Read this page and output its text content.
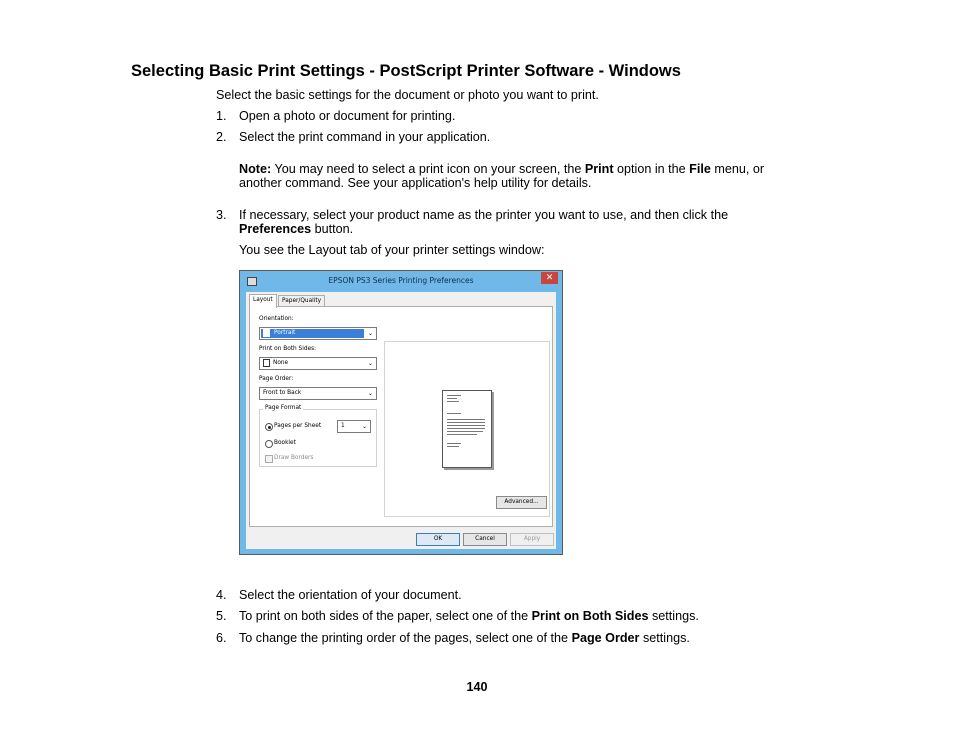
Selecting Basic Print Settings - PostScript Printer Software - Windows
Select the basic settings for the document or photo you want to print.
1. Open a photo or document for printing.
2. Select the print command in your application.
Note: You may need to select a print icon on your screen, the Print option in the File menu, or
another command. See your application's help utility for details.
3. If necessary, select your product name as the printer you want to use, and then click the
Preferences button.
You see the Layout tab of your printer settings window:
EPSON PS3 Series Printing Preferences	✕
Layout	Paper/Quality
Orientation:
Portrait	⌄
Print on Both Sides:
None	⌄
Page Order:
Front to Back	⌄
Page Format
Pages per Sheet	1	⌄
Booklet
Draw Borders
Advanced...
OK	Cancel	Apply
4. Select the orientation of your document.
5. To print on both sides of the paper, select one of the Print on Both Sides settings.
6. To change the printing order of the pages, select one of the Page Order settings.
140
